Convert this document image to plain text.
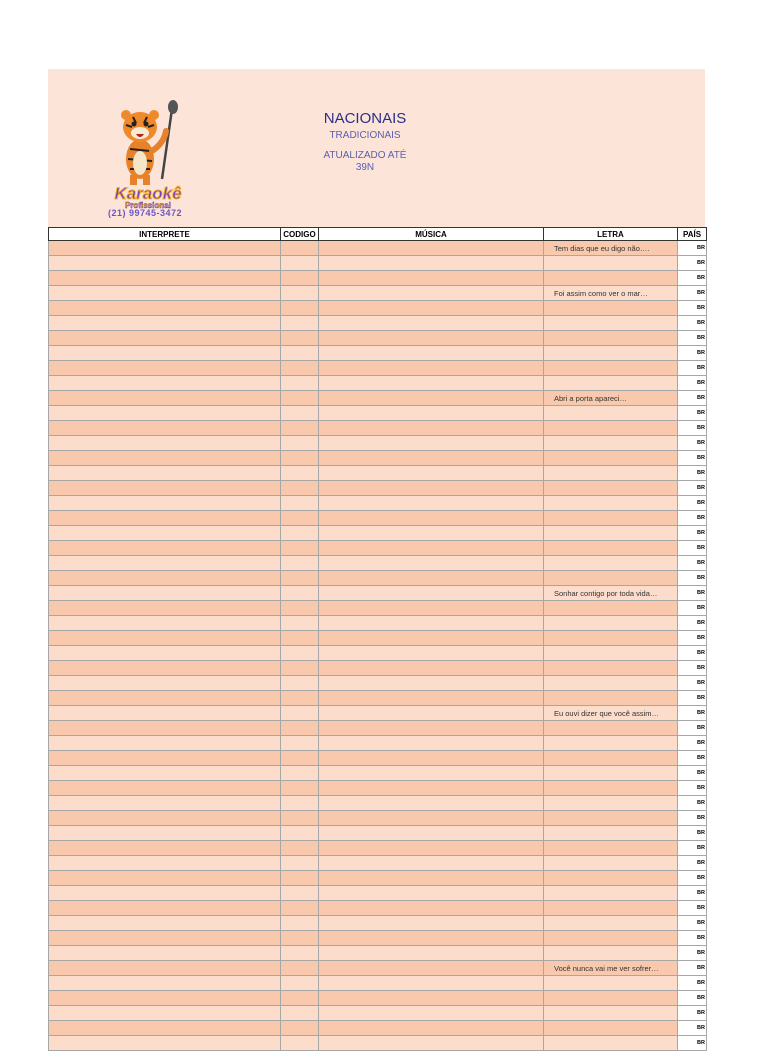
Karaokê
Profissional
(21) 99745-3472
NACIONAIS
TRADICIONAIS
ATUALIZADO ATÉ
39N
INTERPRETE	CODIGO	MÚSICA	LETRA	PAÍS
			Tem dias que eu digo não….	BR
				BR
				BR
			Foi assim como ver o mar…	BR
				BR
				BR
				BR
				BR
				BR
				BR
			Abri a porta apareci…	BR
				BR
				BR
				BR
				BR
				BR
				BR
				BR
				BR
				BR
				BR
				BR
				BR
			Sonhar contigo por toda vida…	BR
				BR
				BR
				BR
				BR
				BR
				BR
				BR
			Eu ouvi dizer que você assim…	BR
				BR
				BR
				BR
				BR
				BR
				BR
				BR
				BR
				BR
				BR
				BR
				BR
				BR
				BR
				BR
				BR
			Você nunca vai me ver sofrer…	BR
				BR
				BR
				BR
				BR
				BR
